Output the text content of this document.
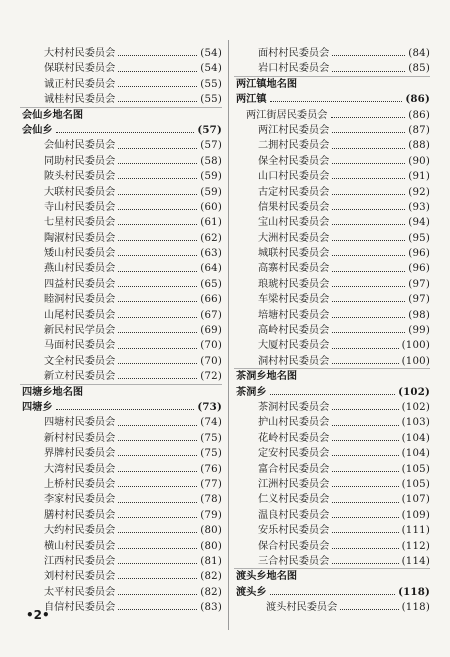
大村村民委员会	(54)
保联村民委员会	(54)
诚正村民委员会	(55)
诚桂村民委员会	(55)
会仙乡地名图
会仙乡	(57)
会仙村民委员会	(57)
同助村民委员会	(58)
陂头村民委员会	(59)
大联村民委员会	(59)
寺山村民委员会	(60)
七星村民委员会	(61)
陶淑村民委员会	(62)
矮山村民委员会	(63)
燕山村民委员会	(64)
四益村民委员会	(65)
睦洞村民委员会	(66)
山尾村民委员会	(67)
新民村民学员会	(69)
马面村民委员会	(70)
文全村民委员会	(70)
新立村民委员会	(72)
四塘乡地名图
四塘乡	(73)
四塘村民委员会	(74)
新村村民委员会	(75)
界牌村民委员会	(75)
大湾村民委员会	(76)
上桥村民委员会	(77)
李家村民委员会	(78)
膳村村民委员会	(79)
大约村民委员会	(80)
横山村民委员会	(80)
江西村民委员会	(81)
刘村村民委员会	(82)
太平村民委员会	(82)
自信村民委员会	(83)
面村村民委员会	(84)
岩口村民委员会	(85)
两江镇地名图
两江镇	(86)
两江街居民委员会	(86)
两江村民委员会	(87)
二拥村民委员会	(88)
保全村民委员会	(90)
山口村民委员会	(91)
古定村民委员会	(92)
信果村民委员会	(93)
宝山村民委员会	(94)
大洲村民委员会	(95)
城联村民委员会	(96)
高寨村民委员会	(96)
琅琥村民委员会	(97)
车梁村民委员会	(97)
培塘村民委员会	(98)
高岭村民委员会	(99)
大厦村民委员会	(100)
洞村村民委员会	(100)
茶洞乡地名图
茶洞乡	(102)
茶洞村民委员会	(102)
护山村民委员会	(103)
花岭村民委员会	(104)
定安村民委员会	(104)
富合村民委员会	(105)
江洲村民委员会	(105)
仁义村民委员会	(107)
温良村民委员会	(109)
安乐村民委员会	(111)
保合村民委员会	(112)
三合村民委员会	(114)
渡头乡地名图
渡头乡	(118)
渡头村民委员会	(118)
•2•
